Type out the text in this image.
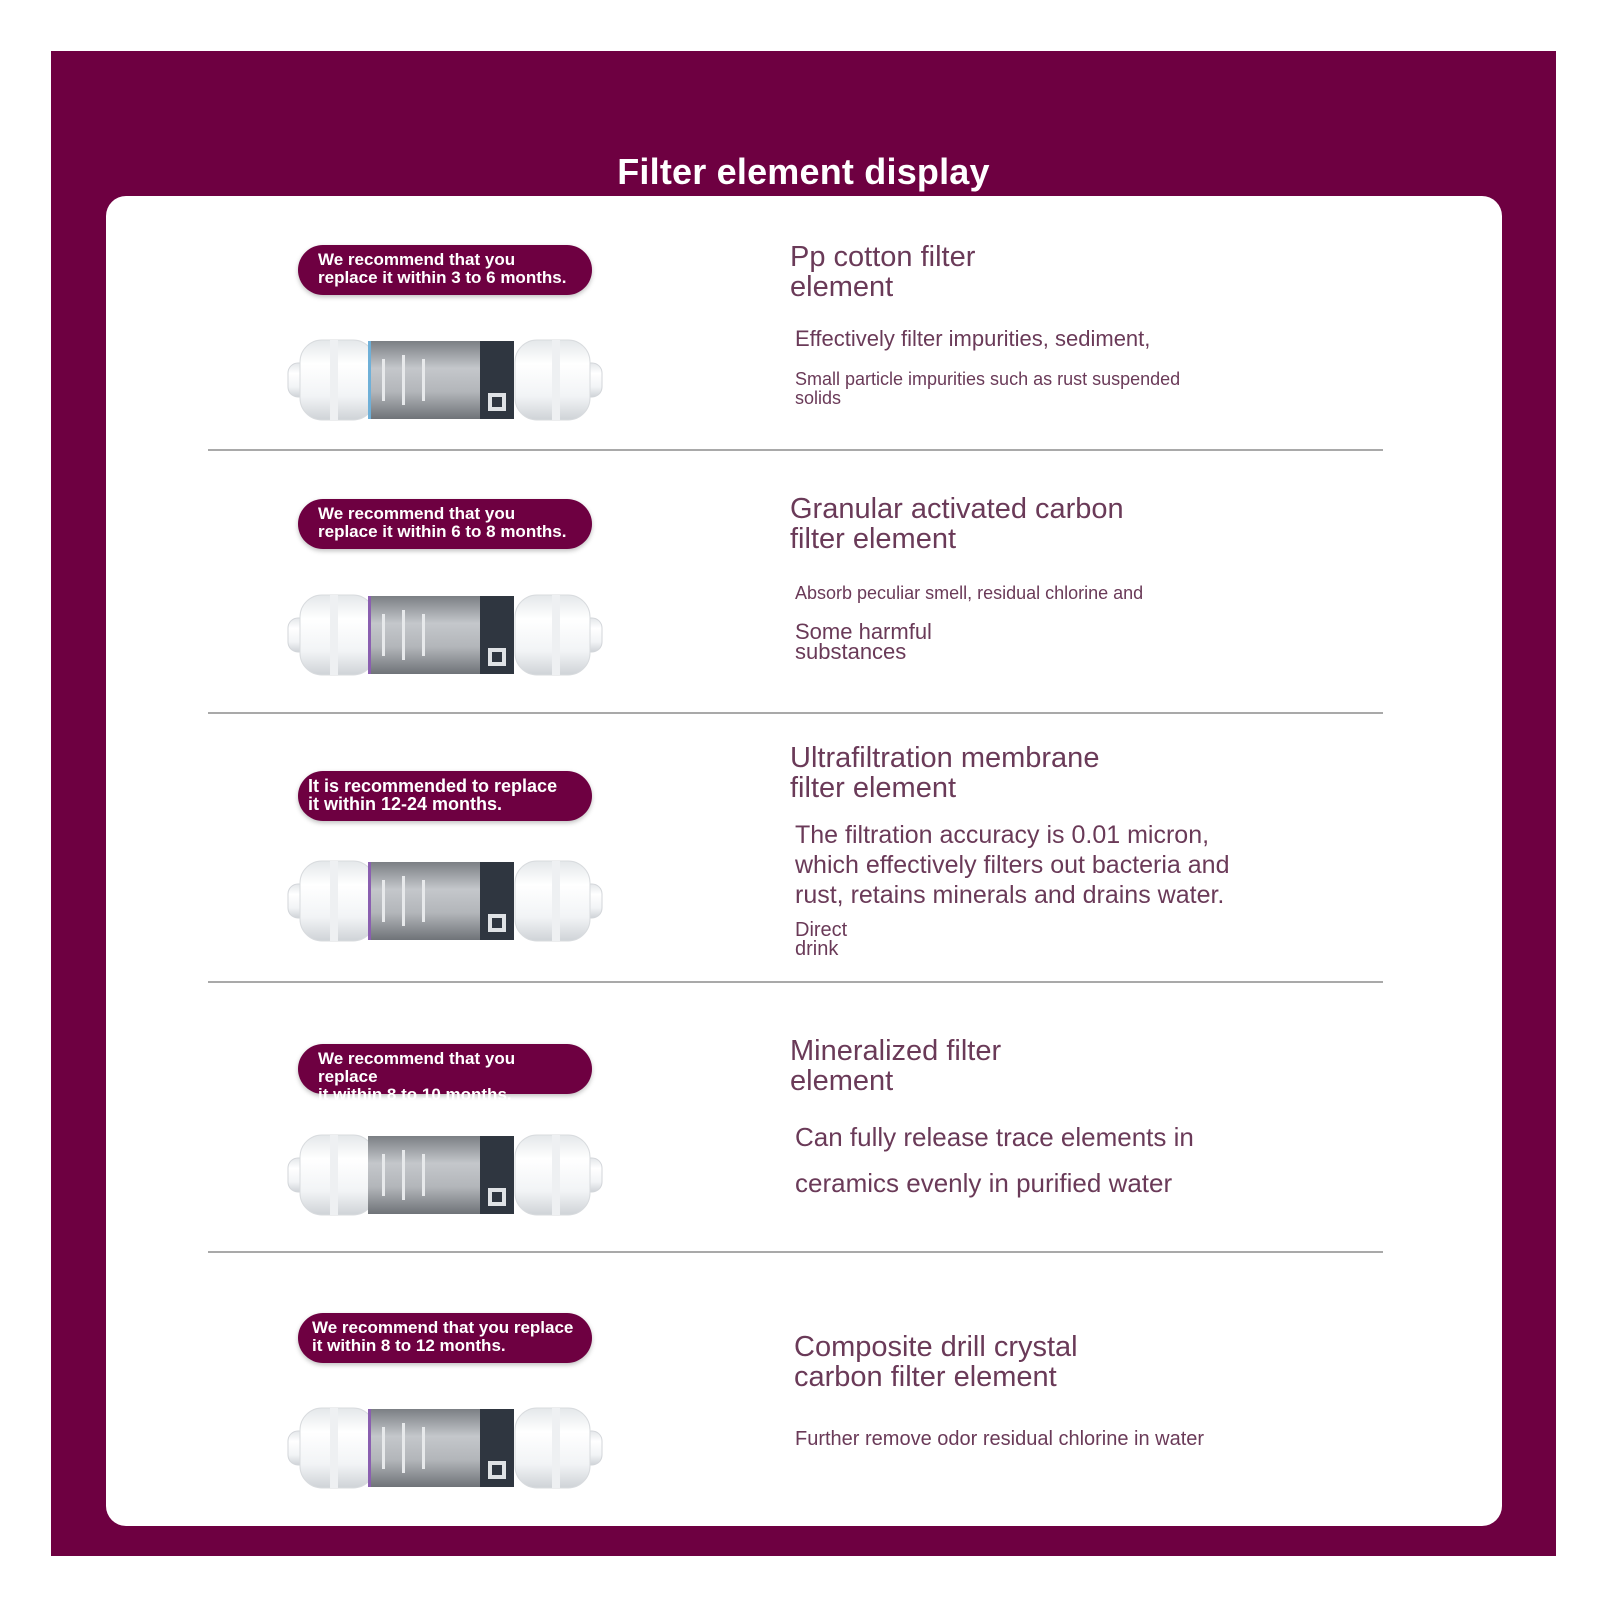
Filter element display
We recommend that you
replace it within 3 to 6 months.
Pp cotton filter
element
Effectively filter impurities, sediment,
Small particle impurities such as rust suspended
solids
We recommend that you
replace it within 6 to 8 months.
Granular activated carbon
filter element
Absorb peculiar smell, residual chlorine and
Some harmful
substances
It is recommended to replace
it within 12-24 months.
Ultrafiltration membrane
filter element
The filtration accuracy is 0.01 micron,
which effectively filters out bacteria and
rust, retains minerals and drains water.
Direct
drink
We recommend that you replace
it within 8 to 10 months.
Mineralized filter
element
Can fully release trace elements in
ceramics evenly in purified water
We recommend that you replace
it within 8 to 12 months.	Composite drill crystal
carbon filter element
Further remove odor residual chlorine in water
